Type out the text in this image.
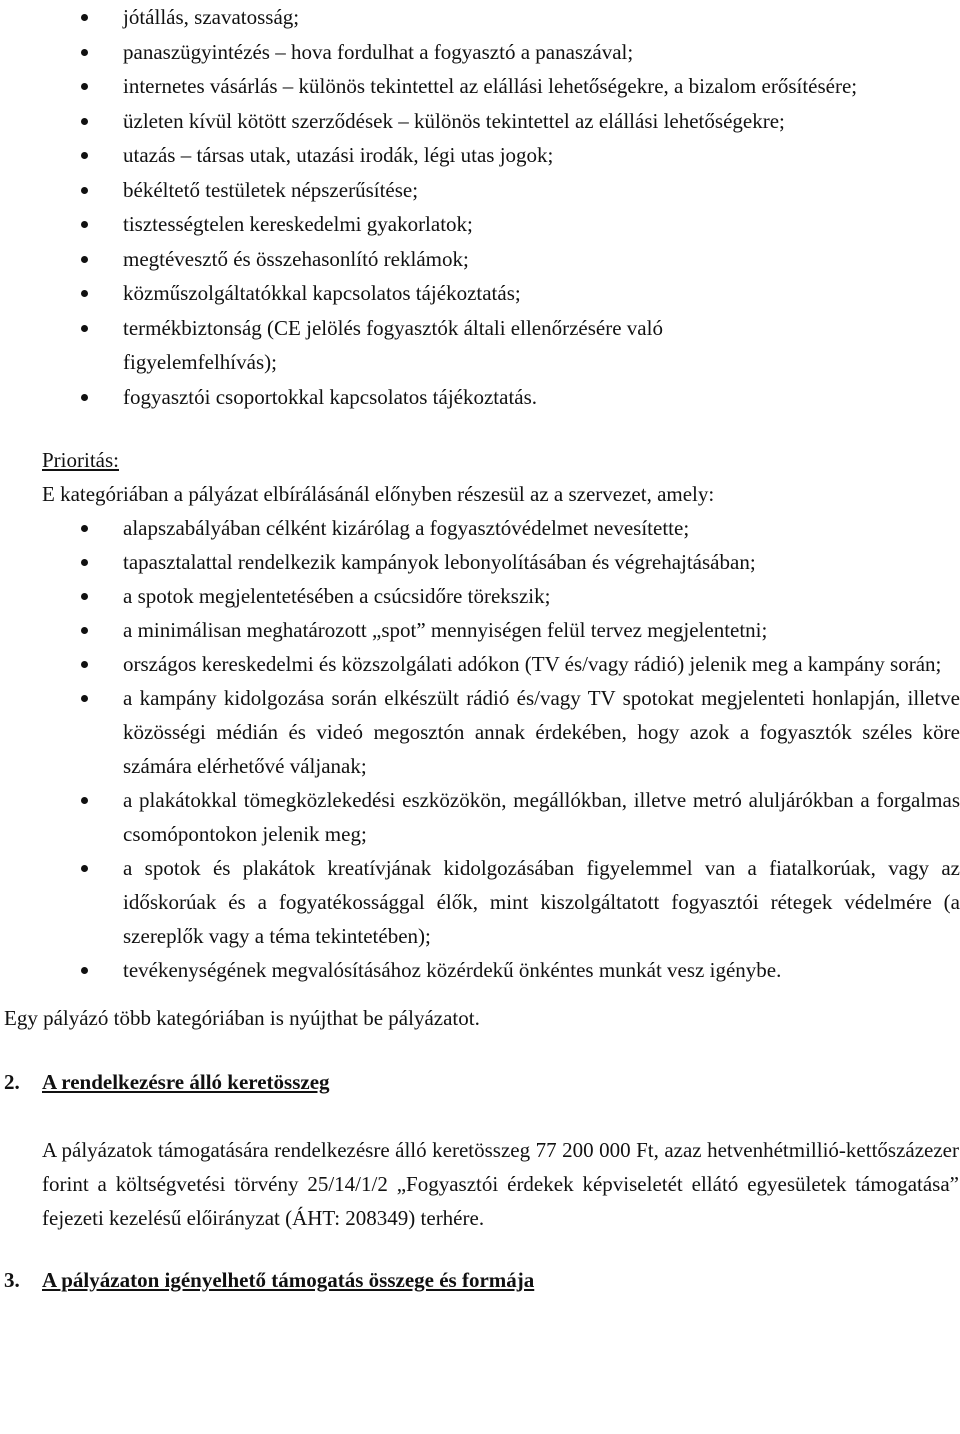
jótállás, szavatosság;
panaszügyintézés – hova fordulhat a fogyasztó a panaszával;
internetes vásárlás – különös tekintettel az elállási lehetőségekre, a bizalom erősítésére;
üzleten kívül kötött szerződések – különös tekintettel az elállási lehetőségekre;
utazás – társas utak, utazási irodák, légi utas jogok;
békéltető testületek népszerűsítése;
tisztességtelen kereskedelmi gyakorlatok;
megtévesztő és összehasonlító reklámok;
közműszolgáltatókkal kapcsolatos tájékoztatás;
termékbiztonság (CE jelölés fogyasztók általi ellenőrzésére való figyelemfelhívás);
fogyasztói csoportokkal kapcsolatos tájékoztatás.
Prioritás:
E kategóriában a pályázat elbírálásánál előnyben részesül az a szervezet, amely:
alapszabályában célként kizárólag a fogyasztóvédelmet nevesítette;
tapasztalattal rendelkezik kampányok lebonyolításában és végrehajtásában;
a spotok megjelentetésében a csúcsidőre törekszik;
a minimálisan meghatározott „spot” mennyiségen felül tervez megjelentetni;
országos kereskedelmi és közszolgálati adókon (TV és/vagy rádió) jelenik meg a kampány során;
a kampány kidolgozása során elkészült rádió és/vagy TV spotokat megjelenteti honlapján, illetve közösségi médián és videó megosztón annak érdekében, hogy azok a fogyasztók széles köre számára elérhetővé váljanak;
a plakátokkal tömegközlekedési eszközökön, megállókban, illetve metró aluljárókban a forgalmas csomópontokon jelenik meg;
a spotok és plakátok kreatívjának kidolgozásában figyelemmel van a fiatalkorúak, vagy az időskorúak és a fogyatékossággal élők, mint kiszolgáltatott fogyasztói rétegek védelmére (a szereplők vagy a téma tekintetében);
tevékenységének megvalósításához közérdekű önkéntes munkát vesz igénybe.
Egy pályázó több kategóriában is nyújthat be pályázatot.
2. A rendelkezésre álló keretösszeg
A pályázatok támogatására rendelkezésre álló keretösszeg 77 200 000 Ft, azaz hetvenhétmillió-kettőszázezer forint a költségvetési törvény 25/14/1/2 „Fogyasztói érdekek képviseletét ellátó egyesületek támogatása” fejezeti kezelésű előirányzat (ÁHT: 208349) terhére.
3. A pályázaton igényelhető támogatás összege és formája
